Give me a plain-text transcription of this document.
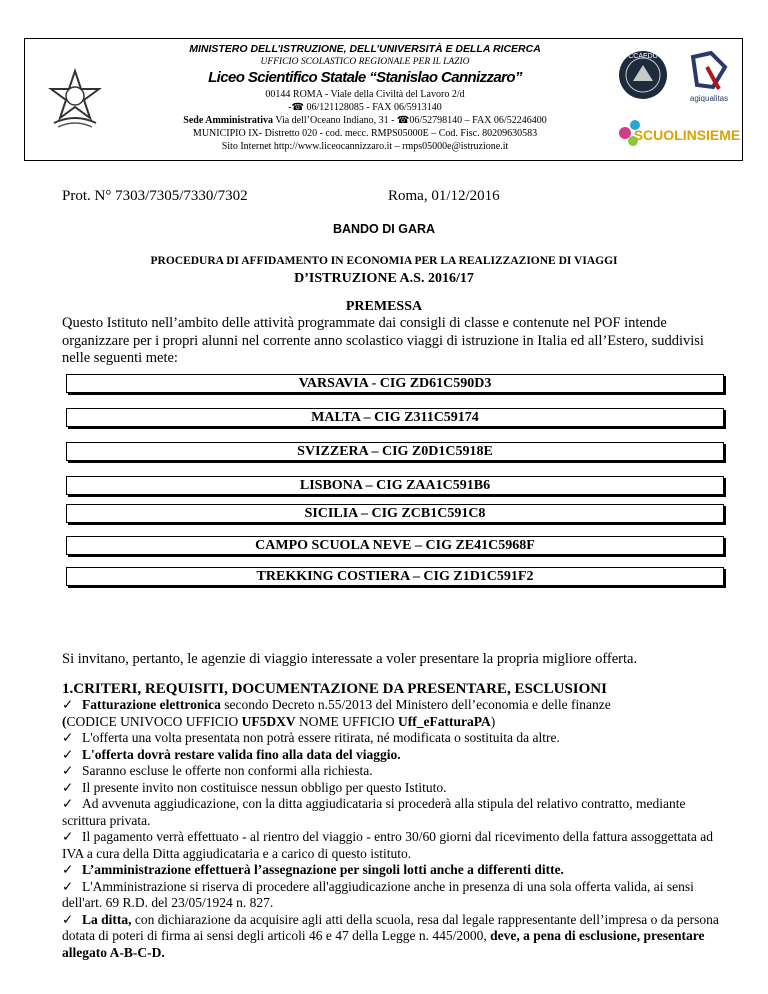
MINISTERO DELL’ISTRUZIONE, DELL’UNIVERSITÀ E DELLA RICERCA
UFFICIO SCOLASTICO REGIONALE PER IL LAZIO
Liceo Scientifico Statale “Stanislao Cannizzaro”
00144 ROMA - Viale della Civiltà del Lavoro 2/d
-☎ 06/121128085 - FAX 06/5913140
Sede Amministrativa Via dell’Oceano Indiano, 31 - ☎06/52798140 – FAX 06/52246400
MUNICIPIO IX- Distretto 020 - cod. mecc. RMPS05000E – Cod. Fisc. 80209630583
Sito Internet http://www.liceocannizzaro.it – rmps05000e@istruzione.it
CCAEDU
agiqualitas
SCUOLINSIEME
Prot. N° 7303/7305/7330/7302	Roma, 01/12/2016
BANDO DI GARA
PROCEDURA DI AFFIDAMENTO IN ECONOMIA PER LA REALIZZAZIONE DI VIAGGI
D’ISTRUZIONE A.S. 2016/17
PREMESSA
Questo Istituto nell’ambito delle attività programmate dai consigli di classe e contenute nel POF intende organizzare per i propri alunni nel corrente anno scolastico viaggi di istruzione in Italia ed all’Estero, suddivisi nelle seguenti mete:
VARSAVIA - CIG ZD61C590D3
MALTA – CIG Z311C59174
SVIZZERA – CIG Z0D1C5918E
LISBONA – CIG ZAA1C591B6
SICILIA – CIG ZCB1C591C8
CAMPO SCUOLA NEVE – CIG ZE41C5968F
TREKKING COSTIERA – CIG Z1D1C591F2
Si invitano, pertanto, le agenzie di viaggio interessate a voler presentare la propria migliore offerta.
1.CRITERI, REQUISITI, DOCUMENTAZIONE DA PRESENTARE, ESCLUSIONI

✓ Fatturazione elettronica secondo Decreto n.55/2013 del Ministero dell’economia e delle finanze

(CODICE UNIVOCO UFFICIO UF5DXV NOME UFFICIO Uff_eFatturaPA)

✓ L'offerta una volta presentata non potrà essere ritirata, né modificata o sostituita da altre.

✓ L'offerta dovrà restare valida fino alla data del viaggio.

✓ Saranno escluse le offerte non conformi alla richiesta.

✓ Il presente invito non costituisce nessun obbligo per questo Istituto.

✓ Ad avvenuta aggiudicazione, con la ditta aggiudicataria si procederà alla stipula del relativo contratto, mediante scrittura privata.

✓ Il pagamento verrà effettuato - al rientro del viaggio - entro 30/60 giorni dal ricevimento della fattura assoggettata ad IVA a cura della Ditta aggiudicataria e a carico di questo istituto.

✓ L’amministrazione effettuerà l’assegnazione per singoli lotti anche a differenti ditte.

✓ L'Amministrazione si riserva di procedere all'aggiudicazione anche in presenza di una sola offerta valida, ai sensi dell'art. 69 R.D. del 23/05/1924 n. 827.

✓ La ditta, con dichiarazione da acquisire agli atti della scuola, resa dal legale rappresentante dell’impresa o da persona dotata di poteri di firma ai sensi degli articoli 46 e 47 della Legge n. 445/2000, deve, a pena di esclusione, presentare allegato A-B-C-D.
